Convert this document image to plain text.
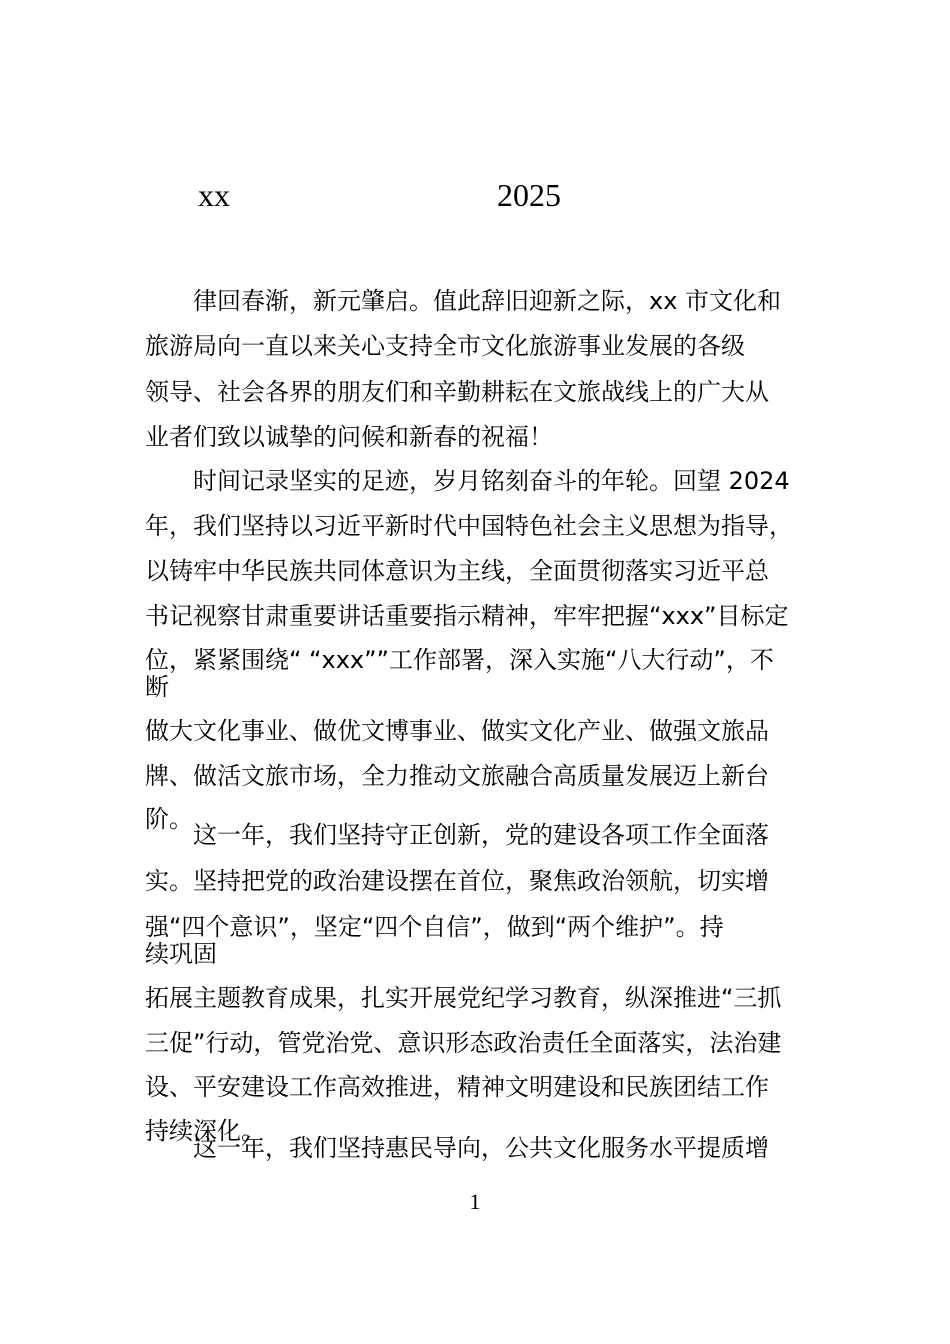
xx	2025
律回春渐，新元肇启。值此辞旧迎新之际，xx 市文化和
旅游局向一直以来关心支持全市文化旅游事业发展的各级
领导、社会各界的朋友们和辛勤耕耘在文旅战线上的广大从
业者们致以诚挚的问候和新春的祝福！
时间记录坚实的足迹，岁月铭刻奋斗的年轮。回望 2024
年，我们坚持以习近平新时代中国特色社会主义思想为指导，
以铸牢中华民族共同体意识为主线，全面贯彻落实习近平总
书记视察甘肃重要讲话重要指示精神，牢牢把握“xxx”目标定
位，紧紧围绕“ “xxx””工作部署，深入实施“八大行动”，不
断
做大文化事业、做优文博事业、做实文化产业、做强文旅品
牌、做活文旅市场，全力推动文旅融合高质量发展迈上新台
阶。
这一年，我们坚持守正创新，党的建设各项工作全面落
实。坚持把党的政治建设摆在首位，聚焦政治领航，切实增
强“四个意识”，坚定“四个自信”，做到“两个维护”。持
续巩固
拓展主题教育成果，扎实开展党纪学习教育，纵深推进“三抓
三促”行动，管党治党、意识形态政治责任全面落实，法治建
设、平安建设工作高效推进，精神文明建设和民族团结工作
持续深化。
这一年，我们坚持惠民导向，公共文化服务水平提质增
1
